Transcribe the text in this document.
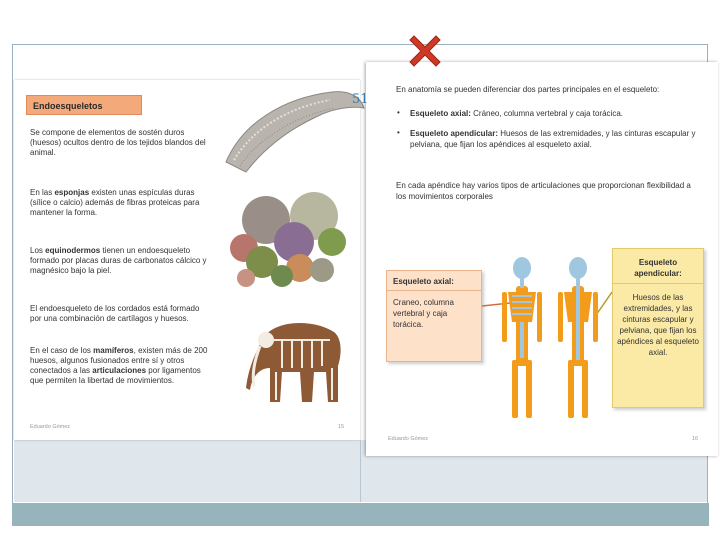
Endoesqueletos

Se compone de elementos de sostén duros (huesos) ocultos dentro de los tejidos blandos del animal.

En las esponjas existen unas espículas duras (sílice o calcio) además de fibras proteicas para mantener la forma.

Los equinodermos tienen un endoesqueleto formado por placas duras de carbonatos cálcico y magnésico bajo la piel.

El endoesqueleto de los cordados está formado por una combinación de cartílagos y huesos.

En el caso de los mamíferos, existen más de 200 huesos, algunos fusionados entre sí y otros conectados a las articulaciones por ligamentos que permiten la libertad de movimientos.

Eduardo Gómez	15
51

En anatomía se pueden diferenciar dos partes principales en el esqueleto:

• Esqueleto axial: Cráneo, columna vertebral y caja torácica.

• Esqueleto apendicular: Huesos de las extremidades, y las cinturas escapular y pelviana, que fijan los apéndices al esqueleto axial.

En cada apéndice hay varios tipos de articulaciones que proporcionan flexibilidad a los movimientos corporales

Esqueleto axial:
Craneo, columna vertebral y caja torácica.
Esqueleto apendicular:
Huesos de las extremidades, y las cinturas escapular y pelviana, que fijan los apéndices al esqueleto axial.
Eduardo Gómez	16
